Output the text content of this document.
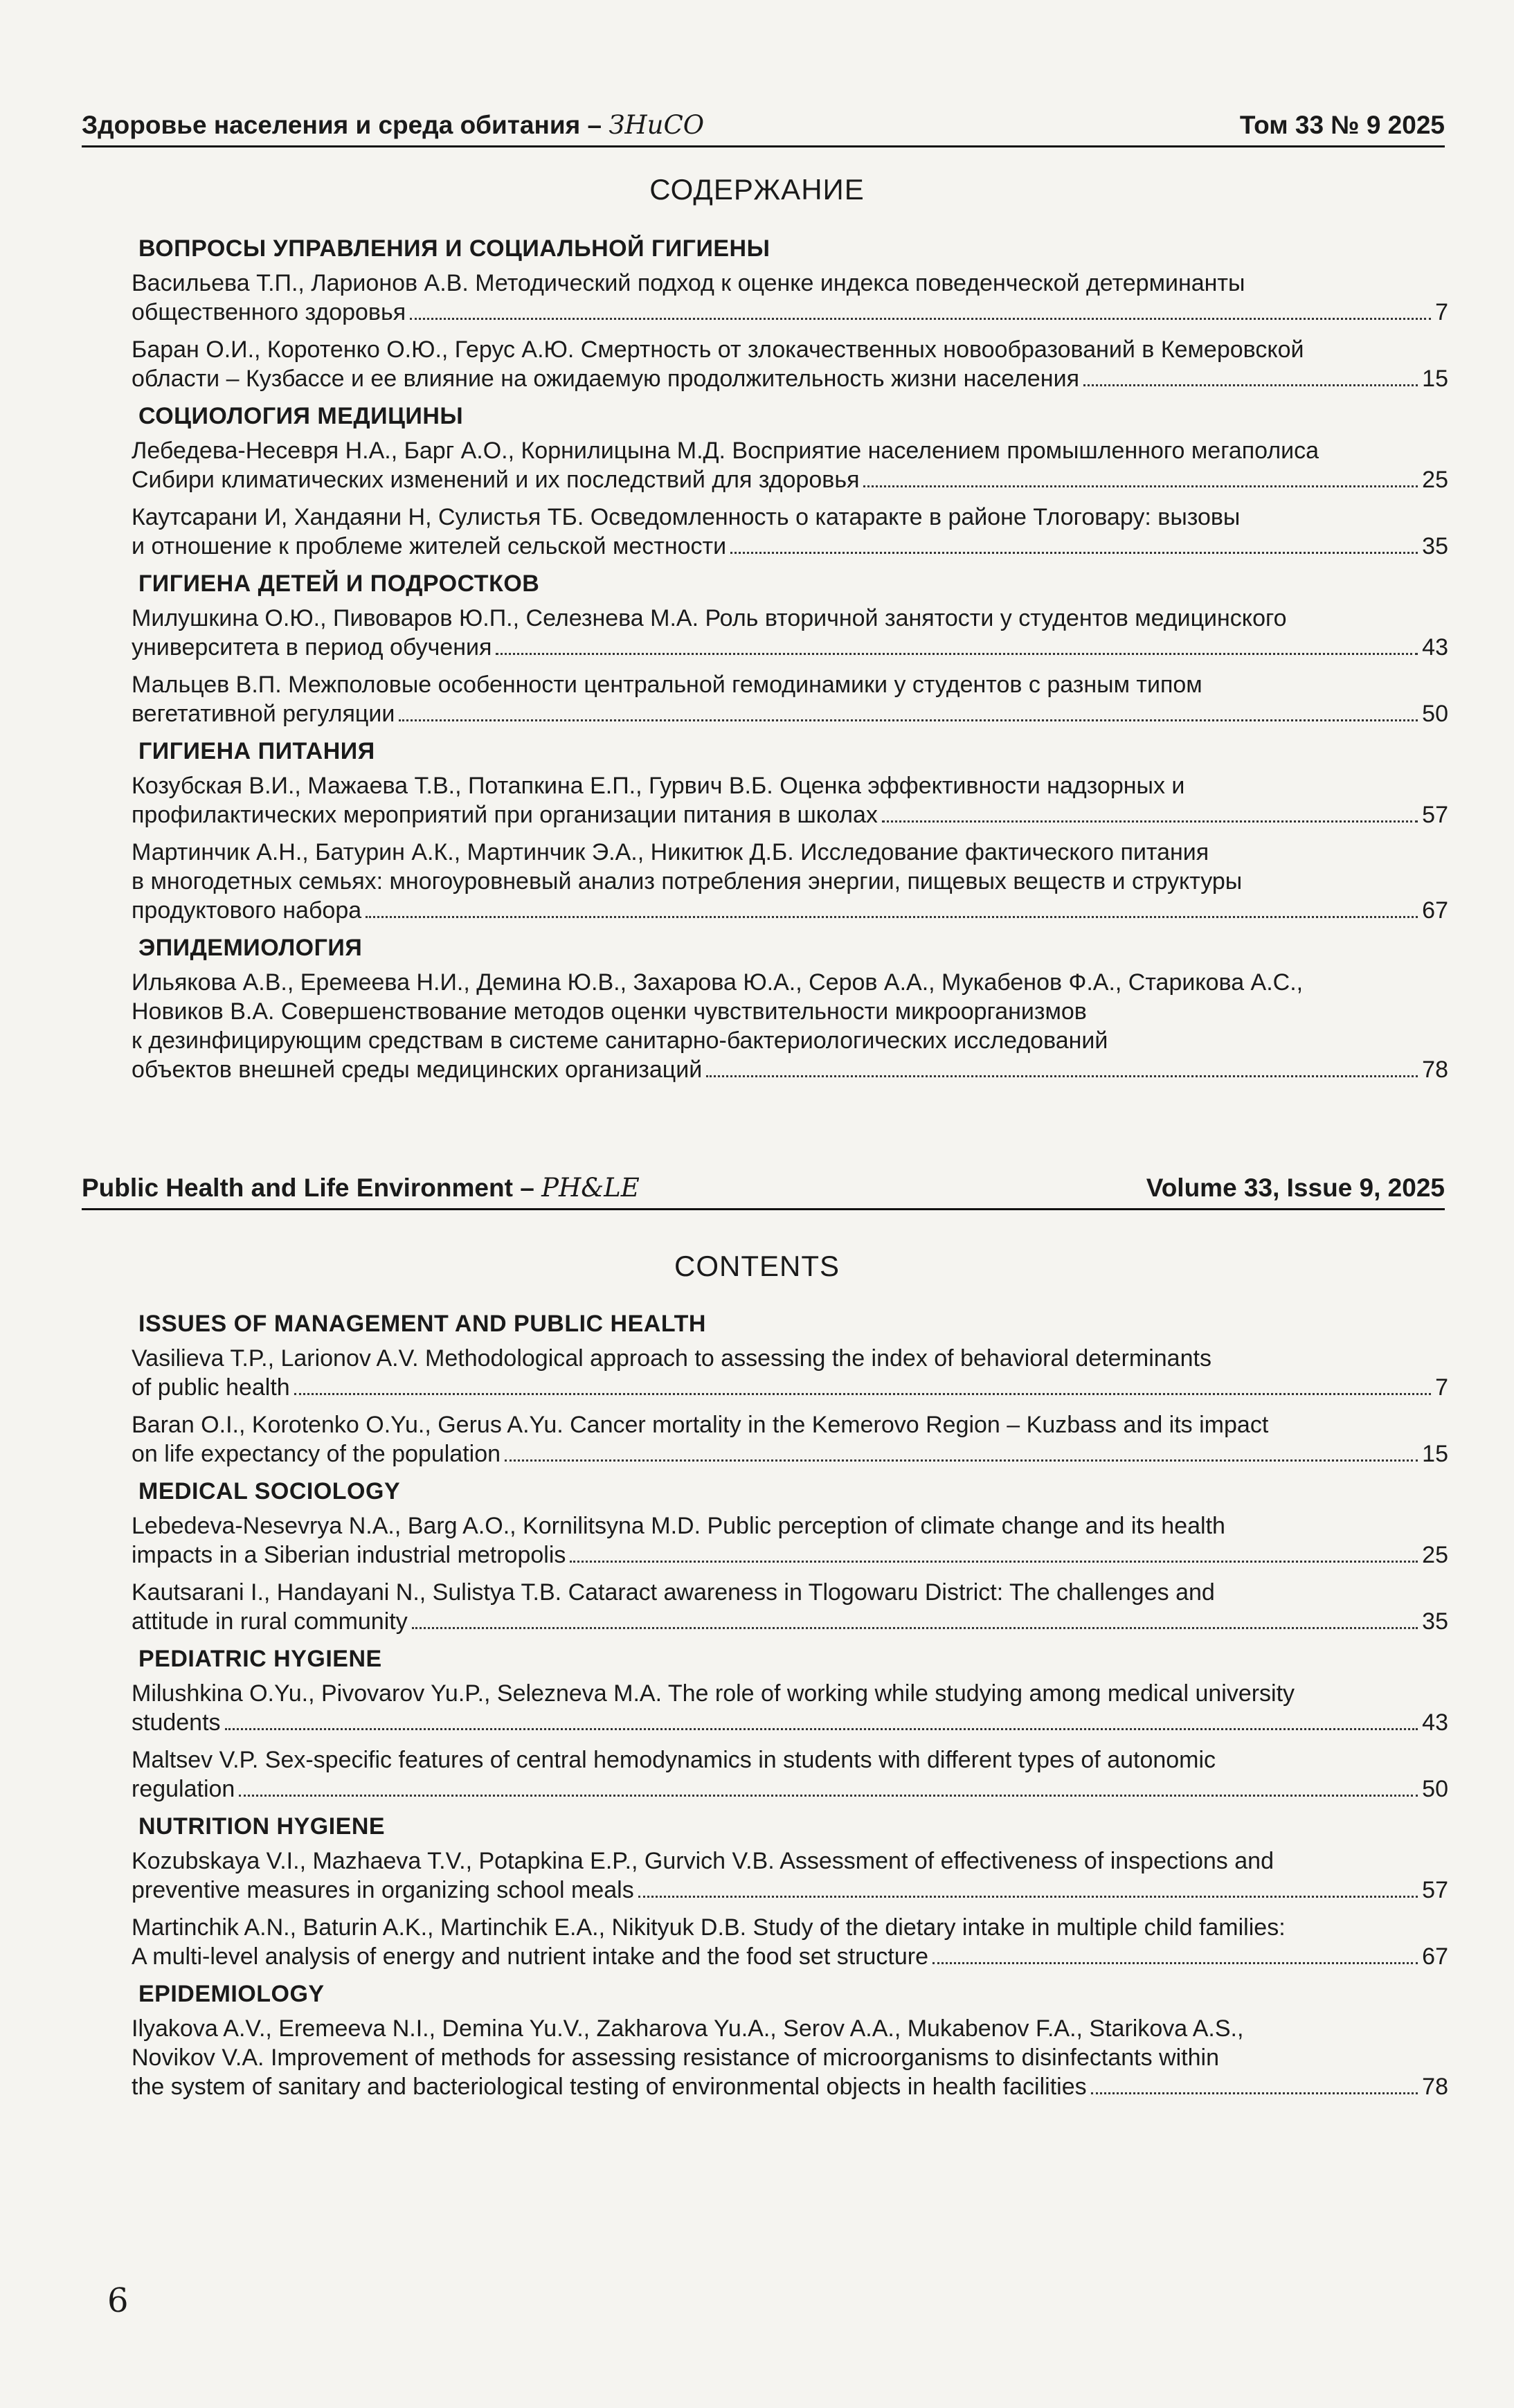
Здоровье населения и среда обитания – ЗНиСО	Том 33 № 9 2025
СОДЕРЖАНИЕ
ВОПРОСЫ УПРАВЛЕНИЯ И СОЦИАЛЬНОЙ ГИГИЕНЫ
Васильева Т.П., Ларионов А.В. Методический подход к оценке индекса поведенческой детерминанты
общественного здоровья	7
Баран О.И., Коротенко О.Ю., Герус А.Ю. Смертность от злокачественных новообразований в Кемеровской
области – Кузбассе и ее влияние на ожидаемую продолжительность жизни населения	15
СОЦИОЛОГИЯ МЕДИЦИНЫ
Лебедева-Несевря Н.А., Барг А.О., Корнилицына М.Д. Восприятие населением промышленного мегаполиса
Сибири климатических изменений и их последствий для здоровья	25
Каутсарани И, Хандаяни Н, Сулистья ТБ. Осведомленность о катаракте в районе Тлоговару: вызовы
и отношение к проблеме жителей сельской местности	35
ГИГИЕНА ДЕТЕЙ И ПОДРОСТКОВ
Милушкина О.Ю., Пивоваров Ю.П., Селезнева М.А. Роль вторичной занятости у студентов медицинского
университета в период обучения	43
Мальцев В.П. Межполовые особенности центральной гемодинамики у студентов с разным типом
вегетативной регуляции	50
ГИГИЕНА ПИТАНИЯ
Козубская В.И., Мажаева Т.В., Потапкина Е.П., Гурвич В.Б. Оценка эффективности надзорных и
профилактических мероприятий при организации питания в школах	57
Мартинчик А.Н., Батурин А.К., Мартинчик Э.А., Никитюк Д.Б. Исследование фактического питания
в многодетных семьях: многоуровневый анализ потребления энергии, пищевых веществ и структуры
продуктового набора	67
ЭПИДЕМИОЛОГИЯ
Ильякова А.В., Еремеева Н.И., Демина Ю.В., Захарова Ю.А., Серов А.А., Мукабенов Ф.А., Старикова А.С.,
Новиков В.А. Совершенствование методов оценки чувствительности микроорганизмов
к дезинфицирующим средствам в системе санитарно-бактериологических исследований
объектов внешней среды медицинских организаций	78
Public Health and Life Environment – PH&LE	Volume 33, Issue 9, 2025
CONTENTS
ISSUES OF MANAGEMENT AND PUBLIC HEALTH
Vasilieva T.P., Larionov A.V. Methodological approach to assessing the index of behavioral determinants
of public health	7
Baran O.I., Korotenko O.Yu., Gerus A.Yu. Cancer mortality in the Kemerovo Region – Kuzbass and its impact
on life expectancy of the population	15
MEDICAL SOCIOLOGY
Lebedeva-Nesevrya N.A., Barg A.O., Kornilitsyna M.D. Public perception of climate change and its health
impacts in a Siberian industrial metropolis	25
Kautsarani I., Handayani N., Sulistya T.B. Cataract awareness in Tlogowaru District: The challenges and
attitude in rural community	35
PEDIATRIC HYGIENE
Milushkina O.Yu., Pivovarov Yu.P., Selezneva M.A. The role of working while studying among medical university
students	43
Maltsev V.P. Sex-specific features of central hemodynamics in students with different types of autonomic
regulation	50
NUTRITION HYGIENE
Kozubskaya V.I., Mazhaeva T.V., Potapkina E.P., Gurvich V.B. Assessment of effectiveness of inspections and
preventive measures in organizing school meals	57
Martinchik A.N., Baturin A.K., Martinchik E.A., Nikityuk D.B. Study of the dietary intake in multiple child families:
A multi-level analysis of energy and nutrient intake and the food set structure	67
EPIDEMIOLOGY
Ilyakova A.V., Eremeeva N.I., Demina Yu.V., Zakharova Yu.A., Serov A.A., Mukabenov F.A., Starikova A.S.,
Novikov V.A. Improvement of methods for assessing resistance of microorganisms to disinfectants within
the system of sanitary and bacteriological testing of environmental objects in health facilities	78
6
